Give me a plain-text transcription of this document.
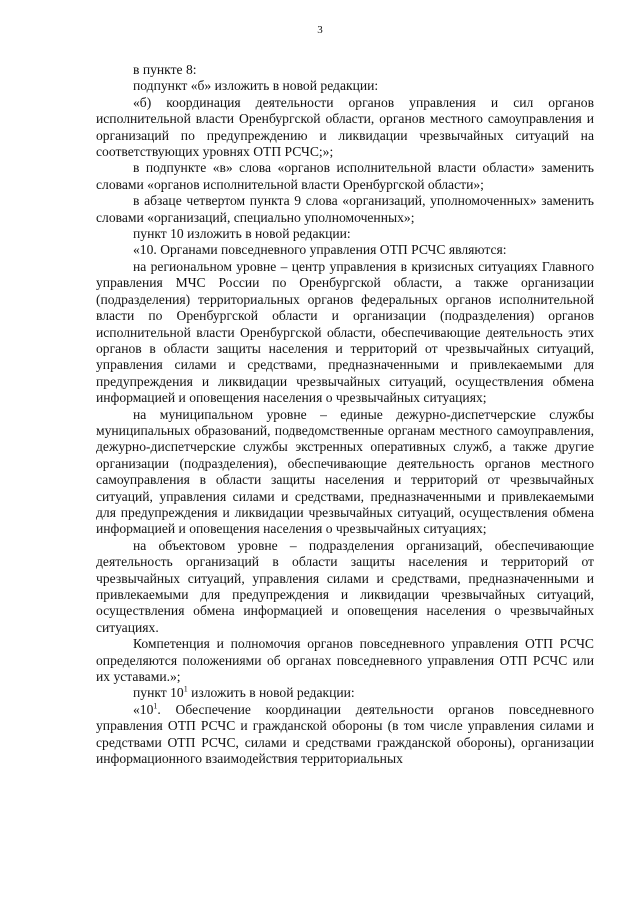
3

в пункте 8:

подпункт «б» изложить в новой редакции:

«б) координация деятельности органов управления и сил органов исполнительной власти Оренбургской области, органов местного самоуправления и организаций по предупреждению и ликвидации чрезвычайных ситуаций на соответствующих уровнях ОТП РСЧС;»;

в подпункте «в» слова «органов исполнительной власти области» заменить словами «органов исполнительной власти Оренбургской области»;

в абзаце четвертом пункта 9 слова «организаций, уполномоченных» заменить словами «организаций, специально уполномоченных»;

пункт 10 изложить в новой редакции:

«10. Органами повседневного управления ОТП РСЧС являются:

на региональном уровне – центр управления в кризисных ситуациях Главного управления МЧС России по Оренбургской области, а также организации (подразделения) территориальных органов федеральных органов исполнительной власти по Оренбургской области и организации (подразделения) органов исполнительной власти Оренбургской области, обеспечивающие деятельность этих органов в области защиты населения и территорий от чрезвычайных ситуаций, управления силами и средствами, предназначенными и привлекаемыми для предупреждения и ликвидации чрезвычайных ситуаций, осуществления обмена информацией и оповещения населения о чрезвычайных ситуациях;

на муниципальном уровне – единые дежурно-диспетчерские службы муниципальных образований, подведомственные органам местного самоуправления, дежурно-диспетчерские службы экстренных оперативных служб, а также другие организации (подразделения), обеспечивающие деятельность органов местного самоуправления в области защиты населения и территорий от чрезвычайных ситуаций, управления силами и средствами, предназначенными и привлекаемыми для предупреждения и ликвидации чрезвычайных ситуаций, осуществления обмена информацией и оповещения населения о чрезвычайных ситуациях;

на объектовом уровне – подразделения организаций, обеспечивающие деятельность организаций в области защиты населения и территорий от чрезвычайных ситуаций, управления силами и средствами, предназначенными и привлекаемыми для предупреждения и ликвидации чрезвычайных ситуаций, осуществления обмена информацией и оповещения населения о чрезвычайных ситуациях.

Компетенция и полномочия органов повседневного управления ОТП РСЧС определяются положениями об органах повседневного управления ОТП РСЧС или их уставами.»;

пункт $10^1$ изложить в новой редакции:

«$10^1$. Обеспечение координации деятельности органов повседневного управления ОТП РСЧС и гражданской обороны (в том числе управления силами и средствами ОТП РСЧС, силами и средствами гражданской обороны), организации информационного взаимодействия территориальных
